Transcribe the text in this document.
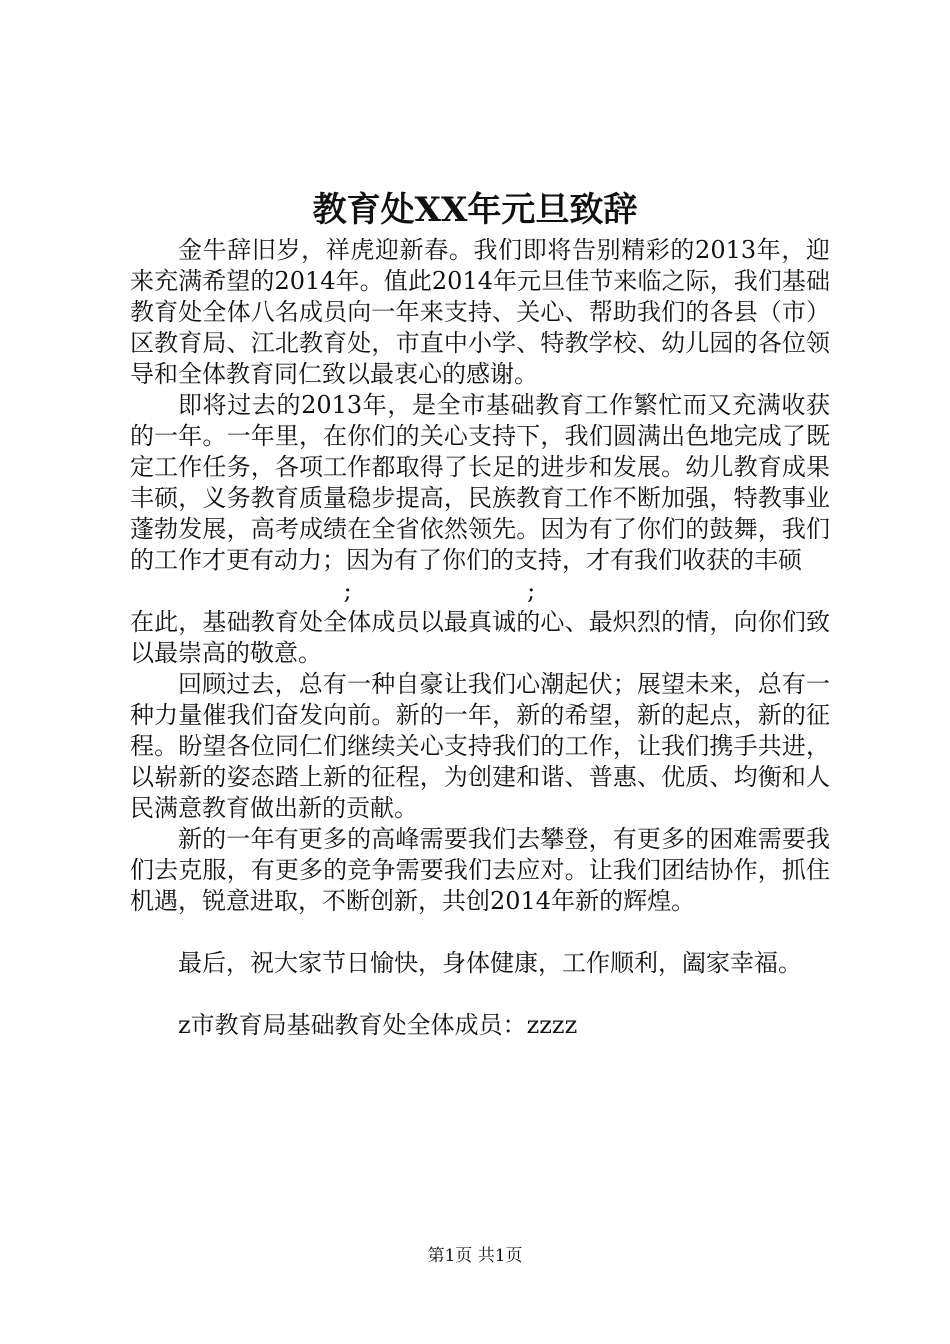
教育处XX年元旦致辞

金牛辞旧岁，祥虎迎新春。我们即将告别精彩的2013年，迎来充满希望的2014年。值此2014年元旦佳节来临之际，我们基础教育处全体八名成员向一年来支持、关心、帮助我们的各县（市）区教育局、江北教育处，市直中小学、特教学校、幼儿园的各位领导和全体教育同仁致以最衷心的感谢。

即将过去的2013年，是全市基础教育工作繁忙而又充满收获的一年。一年里，在你们的关心支持下，我们圆满出色地完成了既定工作任务，各项工作都取得了长足的进步和发展。幼儿教育成果丰硕，义务教育质量稳步提高，民族教育工作不断加强，特教事业蓬勃发展，高考成绩在全省依然领先。因为有了你们的鼓舞，我们的工作才更有动力；因为有了你们的支持，才有我们收获的丰硕
;                       ;
在此，基础教育处全体成员以最真诚的心、最炽烈的情，向你们致以最崇高的敬意。

回顾过去，总有一种自豪让我们心潮起伏；展望未来，总有一种力量催我们奋发向前。新的一年，新的希望，新的起点，新的征程。盼望各位同仁们继续关心支持我们的工作，让我们携手共进，以崭新的姿态踏上新的征程，为创建和谐、普惠、优质、均衡和人民满意教育做出新的贡献。

新的一年有更多的高峰需要我们去攀登，有更多的困难需要我们去克服，有更多的竞争需要我们去应对。让我们团结协作，抓住机遇，锐意进取，不断创新，共创2014年新的辉煌。

最后，祝大家节日愉快，身体健康，工作顺利，阖家幸福。

z市教育局基础教育处全体成员：zzzz

第1页 共1页
